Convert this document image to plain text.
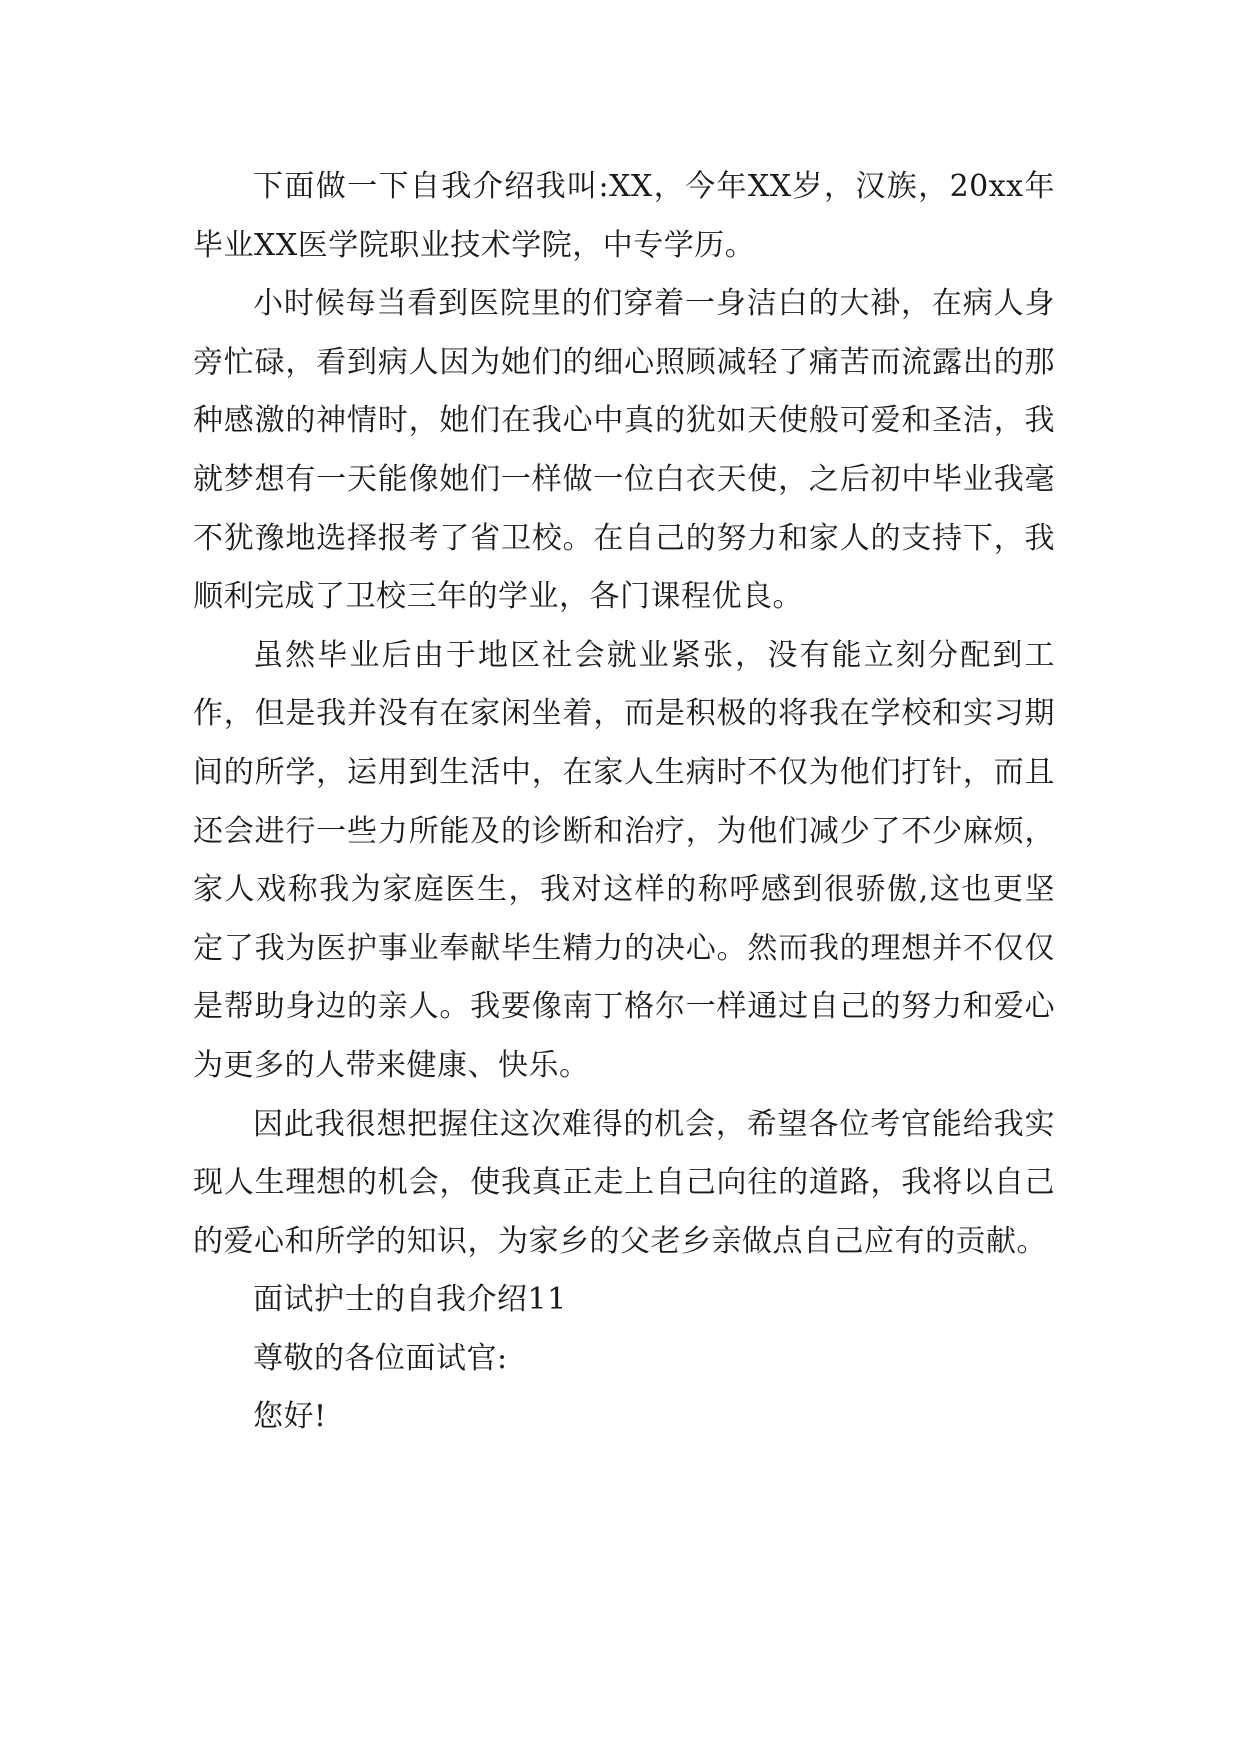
下面做一下自我介绍我叫:XX，今年XX岁，汉族，20xx年毕业XX医学院职业技术学院，中专学历。

小时候每当看到医院里的们穿着一身洁白的大褂，在病人身旁忙碌，看到病人因为她们的细心照顾减轻了痛苦而流露出的那种感激的神情时，她们在我心中真的犹如天使般可爱和圣洁，我就梦想有一天能像她们一样做一位白衣天使，之后初中毕业我毫不犹豫地选择报考了省卫校。在自己的努力和家人的支持下，我顺利完成了卫校三年的学业，各门课程优良。

虽然毕业后由于地区社会就业紧张，没有能立刻分配到工作，但是我并没有在家闲坐着，而是积极的将我在学校和实习期间的所学，运用到生活中，在家人生病时不仅为他们打针，而且还会进行一些力所能及的诊断和治疗，为他们减少了不少麻烦，家人戏称我为家庭医生，我对这样的称呼感到很骄傲,这也更坚定了我为医护事业奉献毕生精力的决心。然而我的理想并不仅仅是帮助身边的亲人。我要像南丁格尔一样通过自己的努力和爱心为更多的人带来健康、快乐。

因此我很想把握住这次难得的机会，希望各位考官能给我实现人生理想的机会，使我真正走上自己向往的道路，我将以自己的爱心和所学的知识，为家乡的父老乡亲做点自己应有的贡献。

面试护士的自我介绍11

尊敬的各位面试官:

您好!
